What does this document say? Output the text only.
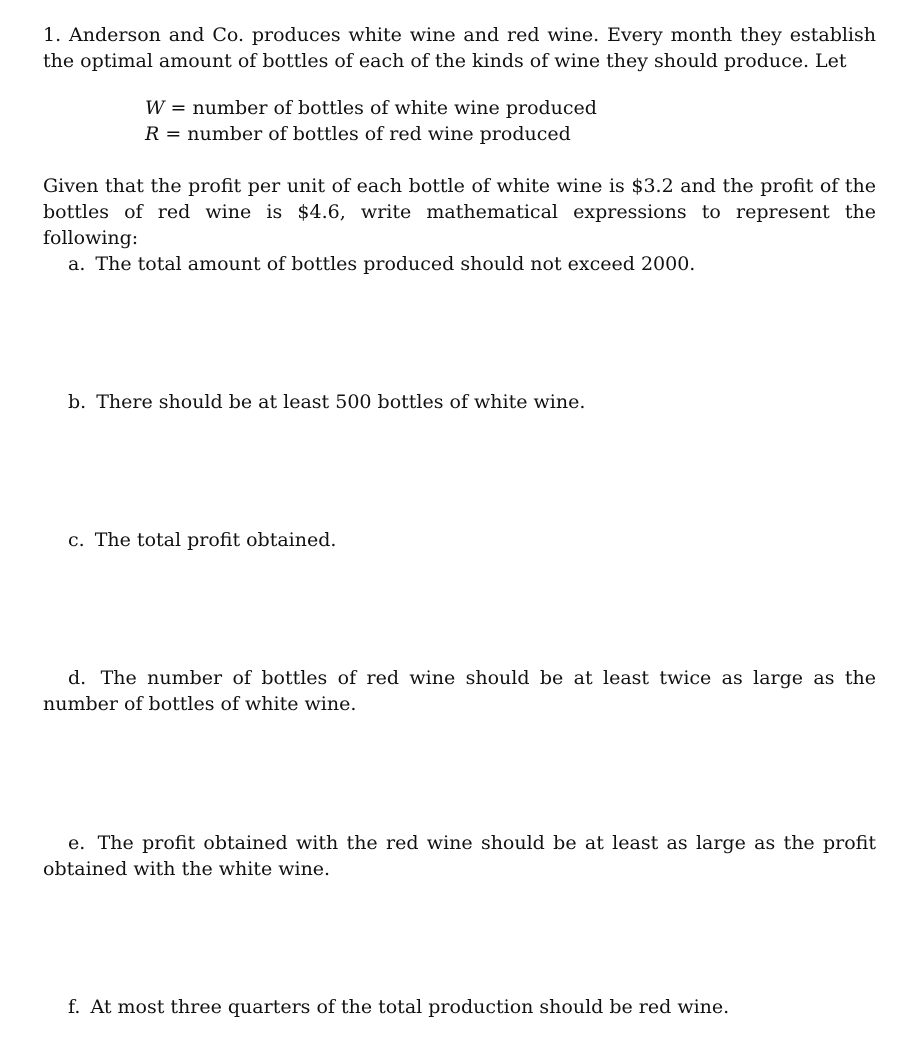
1. Anderson and Co. produces white wine and red wine. Every month they establish the optimal amount of bottles of each of the kinds of wine they should produce. Let

W = number of bottles of white wine produced
R = number of bottles of red wine produced

Given that the profit per unit of each bottle of white wine is $3.2 and the profit of the bottles of red wine is $4.6, write mathematical expressions to represent the following:

a. The total amount of bottles produced should not exceed 2000.

b. There should be at least 500 bottles of white wine.

c. The total profit obtained.

d. The number of bottles of red wine should be at least twice as large as the number of bottles of white wine.

e. The profit obtained with the red wine should be at least as large as the profit obtained with the white wine.

f. At most three quarters of the total production should be red wine.
